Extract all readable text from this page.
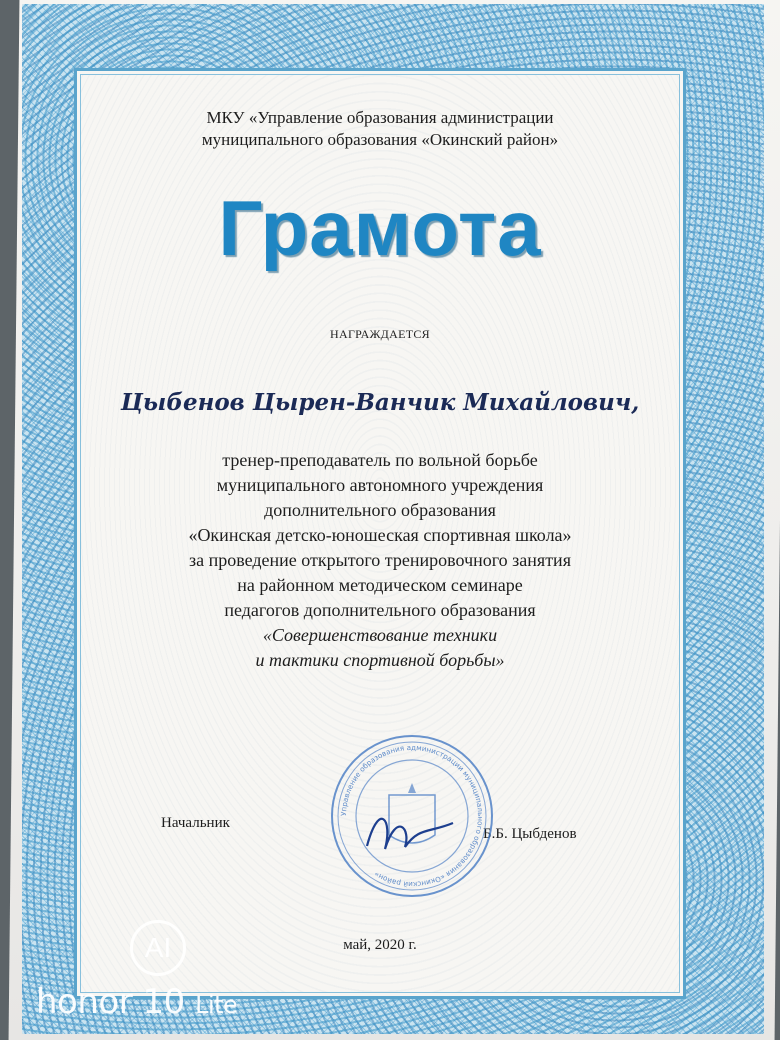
МКУ «Управление образования администрации
муниципального образования «Окинский район»
Грамота
НАГРАЖДАЕТСЯ
Цыбенов Цырен-Ванчик Михайлович,
тренер-преподаватель по вольной борьбе
муниципального автономного учреждения
дополнительного образования
«Окинская детско-юношеская спортивная школа»
за проведение открытого тренировочного занятия
на районном методическом семинаре
педагогов дополнительного образования
«Совершенствование техники
и тактики спортивной борьбы»
Начальник
Б.Б. Цыбденов
Управление образования администрации муниципального образования «Окинский район»
май, 2020 г.
AI
honor 10 Lite
